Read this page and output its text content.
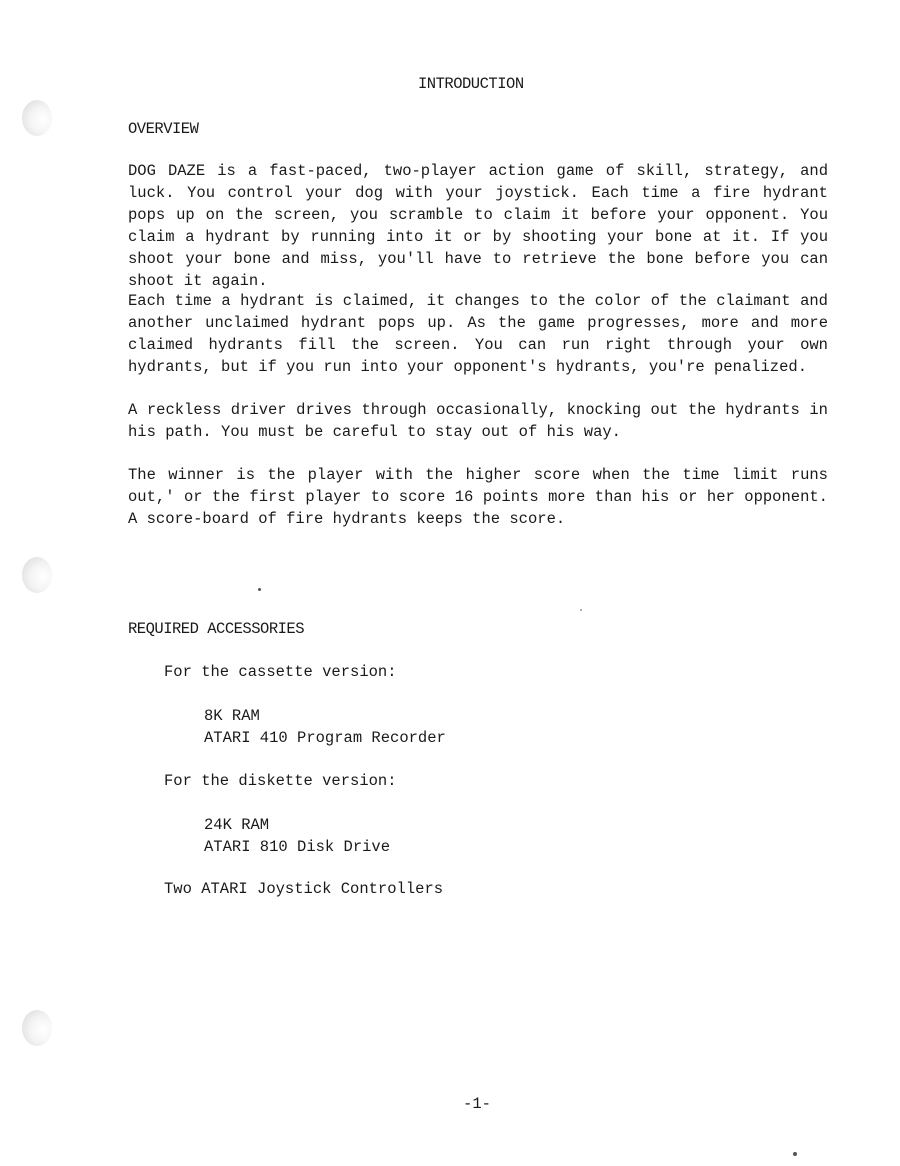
INTRODUCTION
OVERVIEW
DOG DAZE is a fast-paced, two-player action game of skill, strategy, and luck. You control your dog with your joystick. Each time a fire hydrant pops up on the screen, you scramble to claim it before your opponent. You claim a hydrant by running into it or by shooting your bone at it. If you shoot your bone and miss, you'll have to retrieve the bone before you can shoot it again.
Each time a hydrant is claimed, it changes to the color of the claimant and another unclaimed hydrant pops up. As the game progresses, more and more claimed hydrants fill the screen. You can run right through your own hydrants, but if you run into your opponent's hydrants, you're penalized.
A reckless driver drives through occasionally, knocking out the hydrants in his path. You must be careful to stay out of his way.
The winner is the player with the higher score when the time limit runs out,' or the first player to score 16 points more than his or her opponent. A score-board of fire hydrants keeps the score.
REQUIRED ACCESSORIES
For the cassette version:
8K RAM
ATARI 410 Program Recorder
For the diskette version:
24K RAM
ATARI 810 Disk Drive
Two ATARI Joystick Controllers
-1-
